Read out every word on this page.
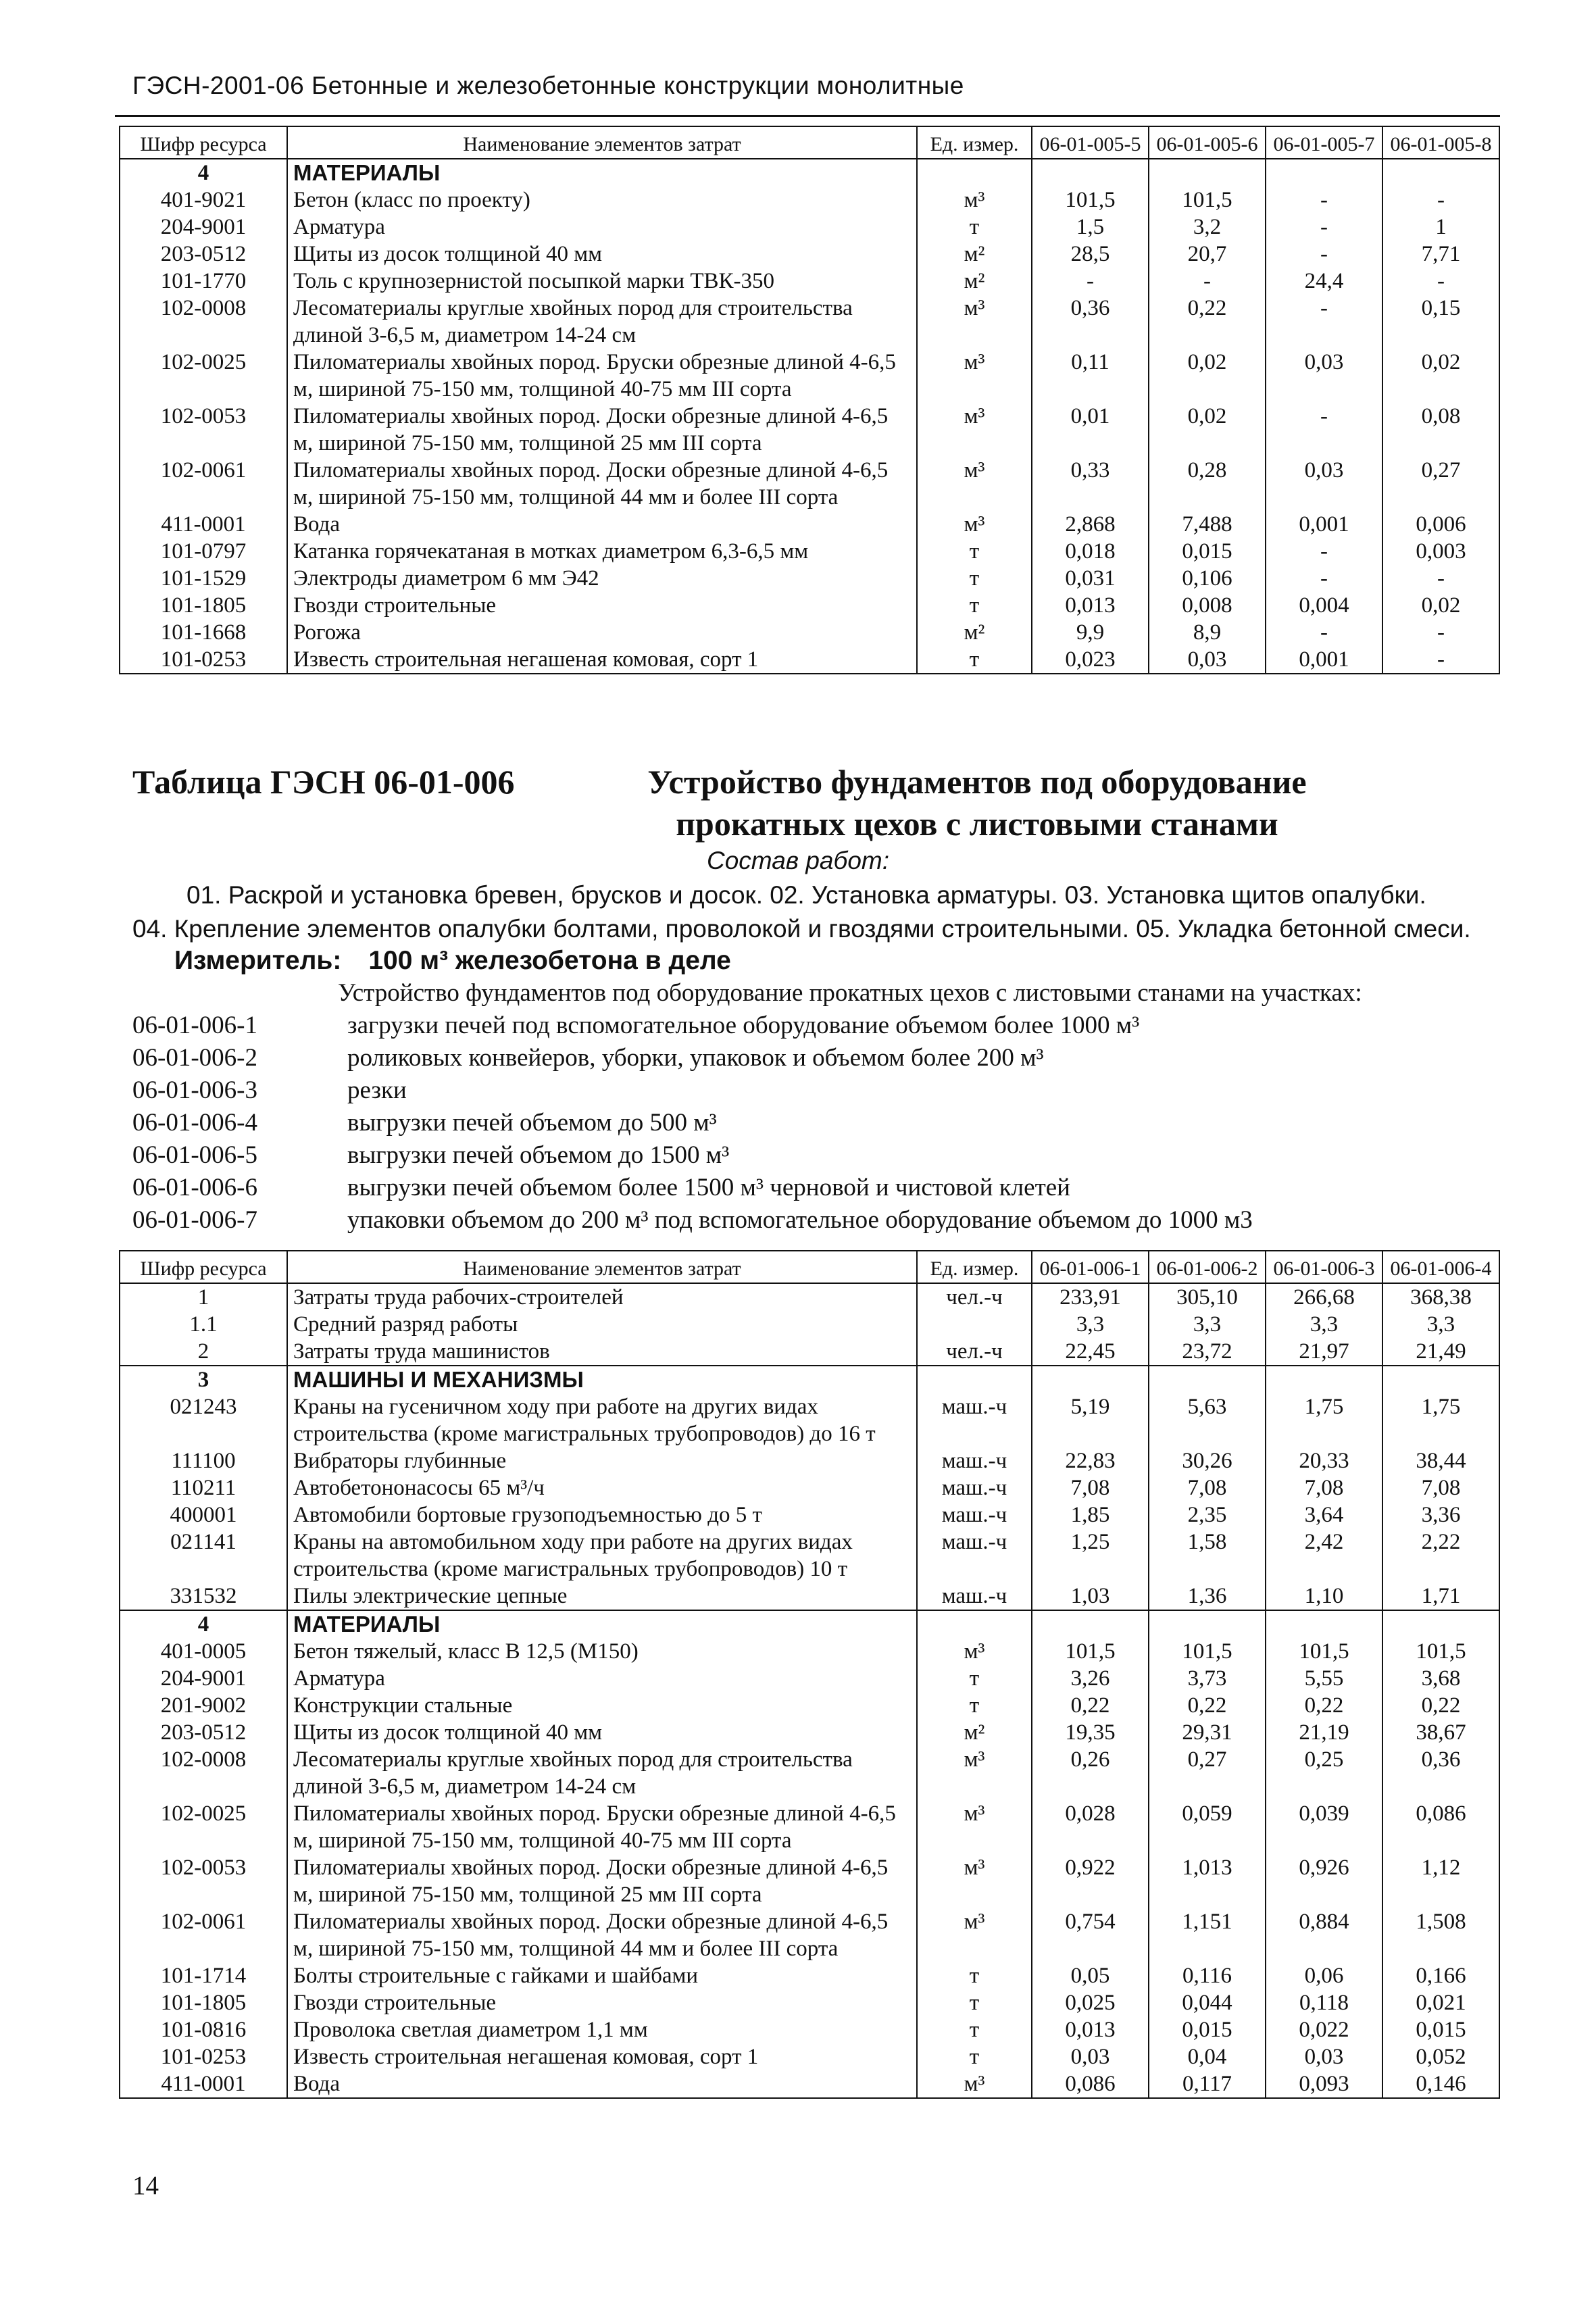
ГЭСН-2001-06 Бетонные и железобетонные конструкции монолитные
Шифр ресурса	Наименование элементов затрат	Ед. измер.	06-01-005-5	06-01-005-6	06-01-005-7	06-01-005-8
4	МАТЕРИАЛЫ					
401-9021	Бетон (класс по проекту)	м³	101,5	101,5	-	-
204-9001	Арматура	т	1,5	3,2	-	1
203-0512	Щиты из досок толщиной 40 мм	м²	28,5	20,7	-	7,71
101-1770	Толь с крупнозернистой посыпкой марки ТВК-350	м²	-	-	24,4	-
102-0008	Лесоматериалы круглые хвойных пород для строительства длиной 3-6,5 м, диаметром 14-24 см	м³	0,36	0,22	-	0,15
102-0025	Пиломатериалы хвойных пород. Бруски обрезные длиной 4-6,5 м, шириной 75-150 мм, толщиной 40-75 мм III сорта	м³	0,11	0,02	0,03	0,02
102-0053	Пиломатериалы хвойных пород. Доски обрезные длиной 4-6,5 м, шириной 75-150 мм, толщиной 25 мм III сорта	м³	0,01	0,02	-	0,08
102-0061	Пиломатериалы хвойных пород. Доски обрезные длиной 4-6,5 м, шириной 75-150 мм, толщиной 44 мм и более III сорта	м³	0,33	0,28	0,03	0,27
411-0001	Вода	м³	2,868	7,488	0,001	0,006
101-0797	Катанка горячекатаная в мотках диаметром 6,3-6,5 мм	т	0,018	0,015	-	0,003
101-1529	Электроды диаметром 6 мм Э42	т	0,031	0,106	-	-
101-1805	Гвозди строительные	т	0,013	0,008	0,004	0,02
101-1668	Рогожа	м²	9,9	8,9	-	-
101-0253	Известь строительная негашеная комовая, сорт 1	т	0,023	0,03	0,001	-
Таблица ГЭСН 06-01-006	Устройство фундаментов под оборудование прокатных цехов с листовыми станами
Состав работ:

01. Раскрой и установка бревен, брусков и досок. 02. Установка арматуры. 03. Установка щитов опалубки.

04. Крепление элементов опалубки болтами, проволокой и гвоздями строительными. 05. Укладка бетонной смеси.

Измеритель: 100 м³ железобетона в деле
Устройство фундаментов под оборудование прокатных цехов с листовыми станами на участках:
06-01-006-1	загрузки печей под вспомогательное оборудование объемом более 1000 м³
06-01-006-2	роликовых конвейеров, уборки, упаковок и объемом более 200 м³
06-01-006-3	резки
06-01-006-4	выгрузки печей объемом до 500 м³
06-01-006-5	выгрузки печей объемом до 1500 м³
06-01-006-6	выгрузки печей объемом более 1500 м³ черновой и чистовой клетей
06-01-006-7	упаковки объемом до 200 м³ под вспомогательное оборудование объемом до 1000 м3
Шифр ресурса	Наименование элементов затрат	Ед. измер.	06-01-006-1	06-01-006-2	06-01-006-3	06-01-006-4
1	Затраты труда рабочих-строителей	чел.-ч	233,91	305,10	266,68	368,38
1.1	Средний разряд работы		3,3	3,3	3,3	3,3
2	Затраты труда машинистов	чел.-ч	22,45	23,72	21,97	21,49
3	МАШИНЫ И МЕХАНИЗМЫ					
021243	Краны на гусеничном ходу при работе на других видах строительства (кроме магистральных трубопроводов) до 16 т	маш.-ч	5,19	5,63	1,75	1,75
111100	Вибраторы глубинные	маш.-ч	22,83	30,26	20,33	38,44
110211	Автобетононасосы 65 м³/ч	маш.-ч	7,08	7,08	7,08	7,08
400001	Автомобили бортовые грузоподъемностью до 5 т	маш.-ч	1,85	2,35	3,64	3,36
021141	Краны на автомобильном ходу при работе на других видах строительства (кроме магистральных трубопроводов) 10 т	маш.-ч	1,25	1,58	2,42	2,22
331532	Пилы электрические цепные	маш.-ч	1,03	1,36	1,10	1,71
4	МАТЕРИАЛЫ					
401-0005	Бетон тяжелый, класс В 12,5 (М150)	м³	101,5	101,5	101,5	101,5
204-9001	Арматура	т	3,26	3,73	5,55	3,68
201-9002	Конструкции стальные	т	0,22	0,22	0,22	0,22
203-0512	Щиты из досок толщиной 40 мм	м²	19,35	29,31	21,19	38,67
102-0008	Лесоматериалы круглые хвойных пород для строительства длиной 3-6,5 м, диаметром 14-24 см	м³	0,26	0,27	0,25	0,36
102-0025	Пиломатериалы хвойных пород. Бруски обрезные длиной 4-6,5 м, шириной 75-150 мм, толщиной 40-75 мм III сорта	м³	0,028	0,059	0,039	0,086
102-0053	Пиломатериалы хвойных пород. Доски обрезные длиной 4-6,5 м, шириной 75-150 мм, толщиной 25 мм III сорта	м³	0,922	1,013	0,926	1,12
102-0061	Пиломатериалы хвойных пород. Доски обрезные длиной 4-6,5 м, шириной 75-150 мм, толщиной 44 мм и более III сорта	м³	0,754	1,151	0,884	1,508
101-1714	Болты строительные с гайками и шайбами	т	0,05	0,116	0,06	0,166
101-1805	Гвозди строительные	т	0,025	0,044	0,118	0,021
101-0816	Проволока светлая диаметром 1,1 мм	т	0,013	0,015	0,022	0,015
101-0253	Известь строительная негашеная комовая, сорт 1	т	0,03	0,04	0,03	0,052
411-0001	Вода	м³	0,086	0,117	0,093	0,146
14
